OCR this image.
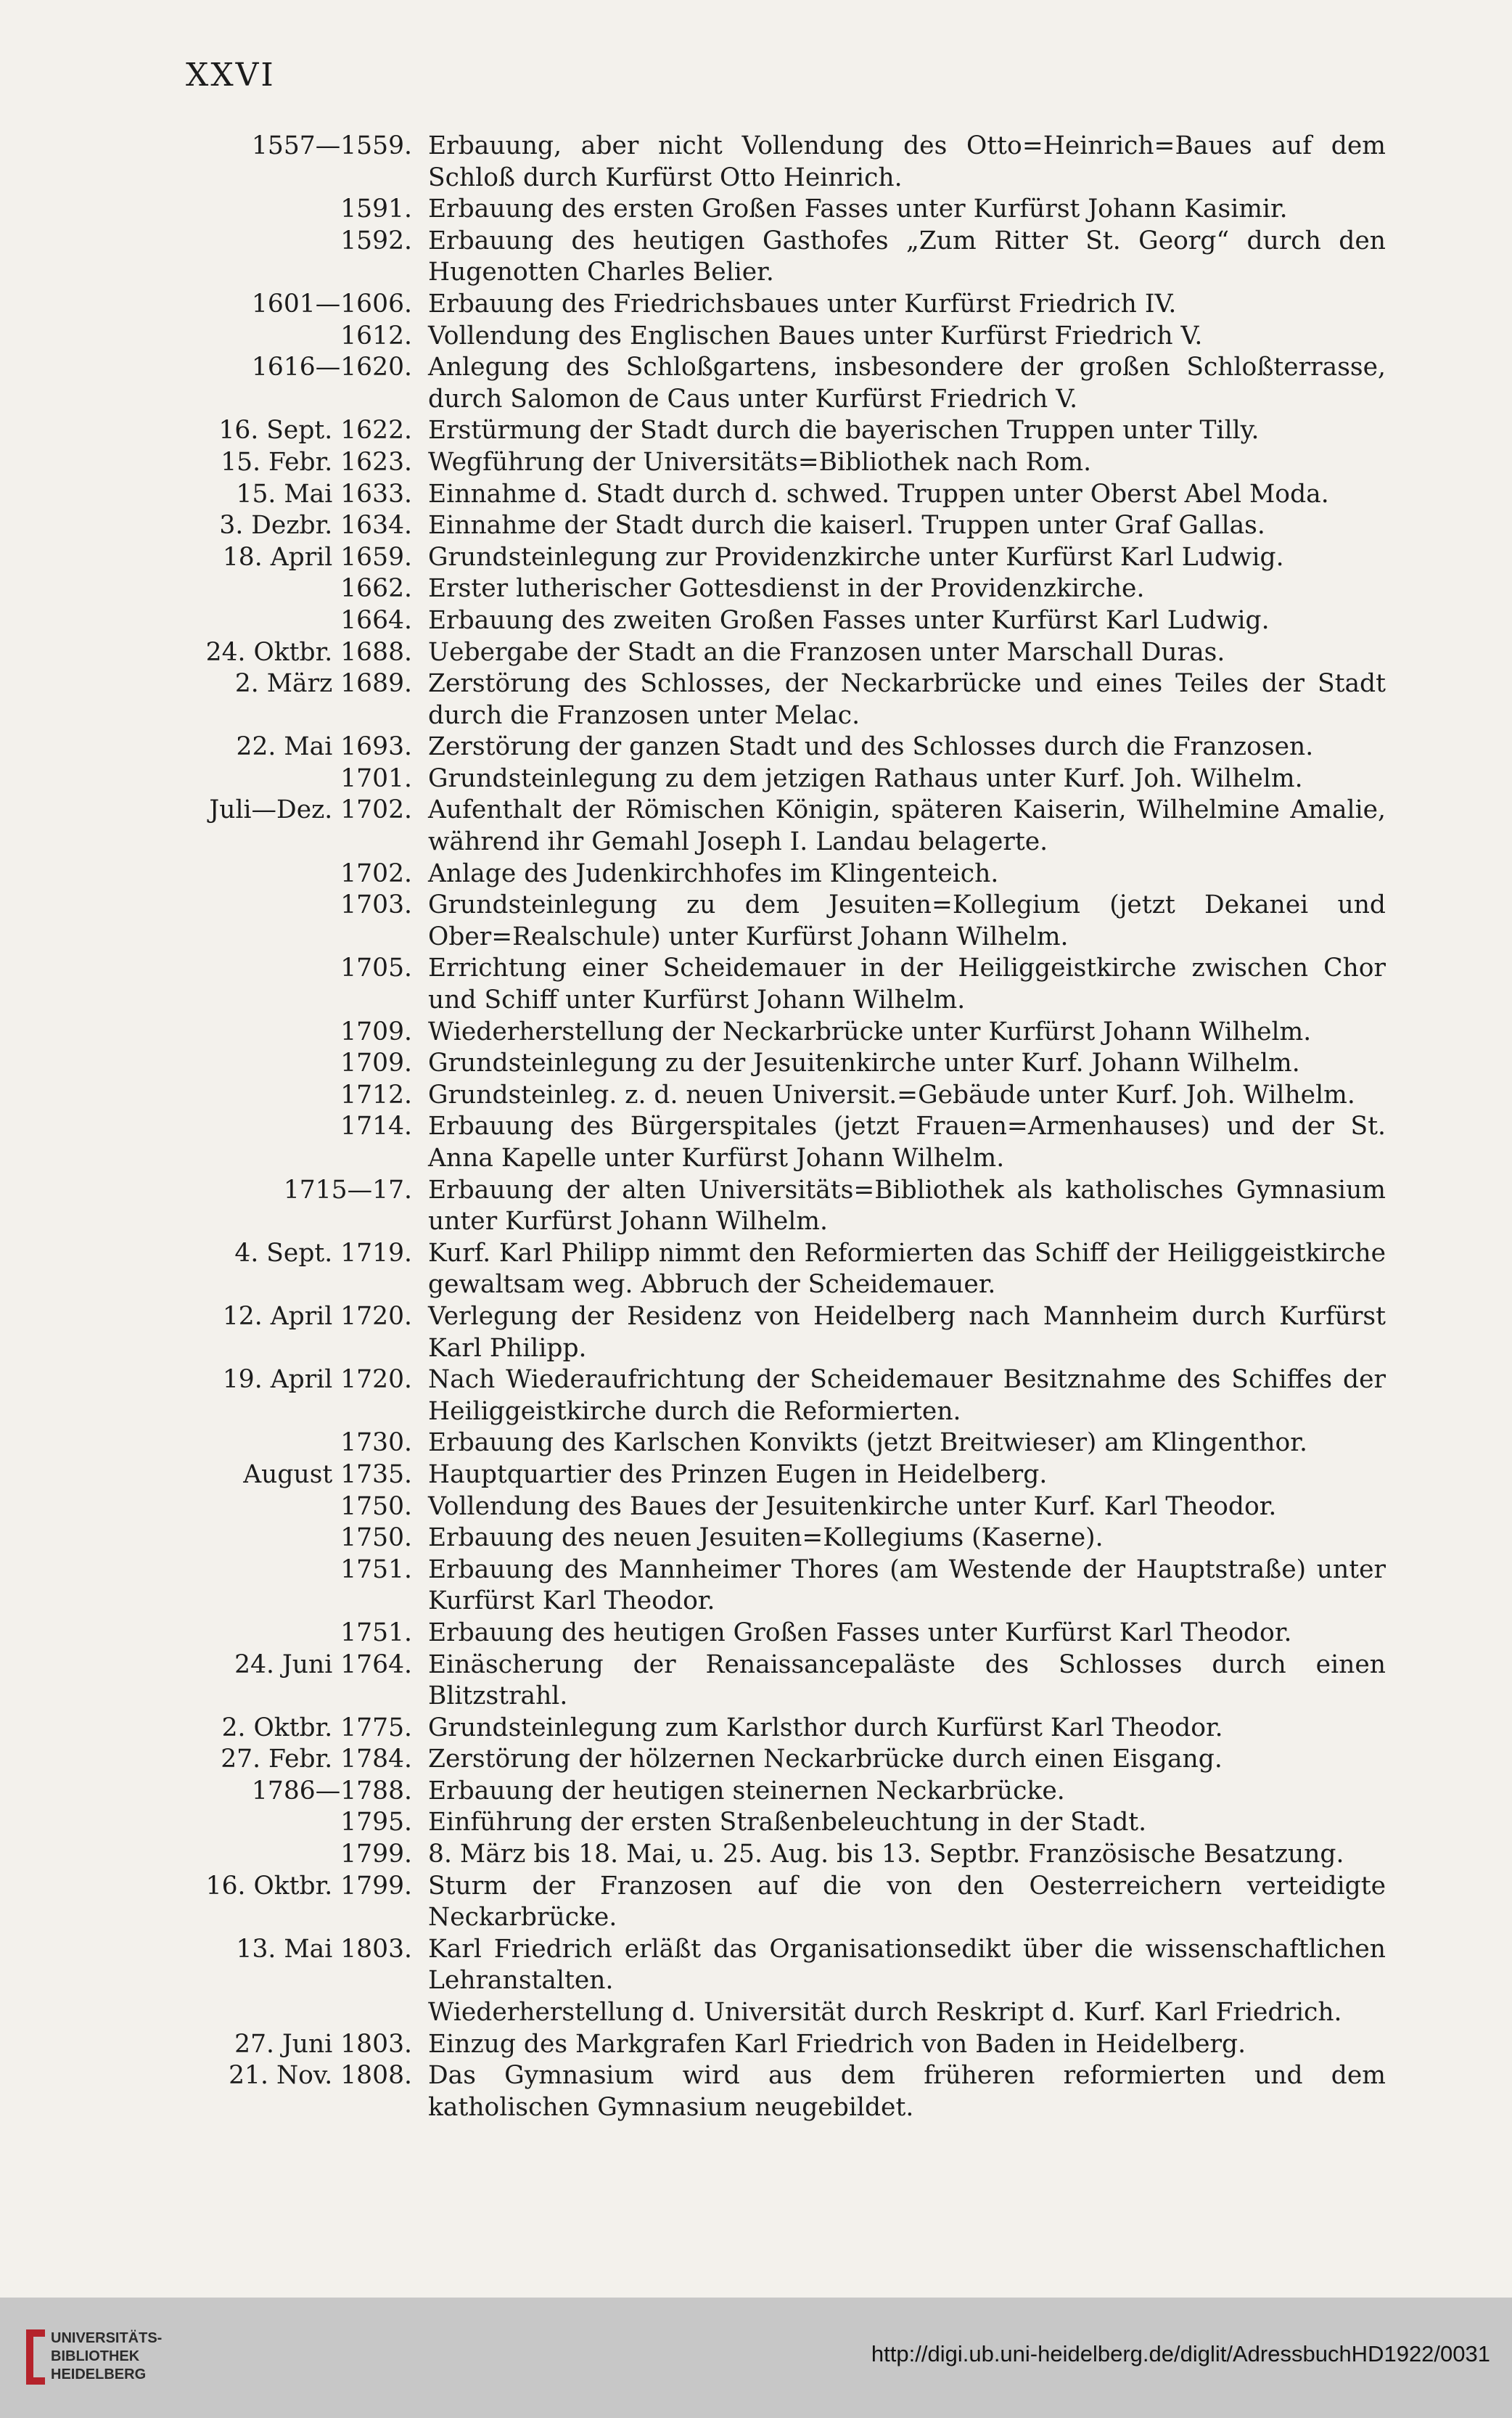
XXVI
1557—1559. Erbauung, aber nicht Vollendung des Otto=Heinrich=Baues auf dem Schloß durch Kurfürst Otto Heinrich.
1591. Erbauung des ersten Großen Fasses unter Kurfürst Johann Kasimir.
1592. Erbauung des heutigen Gasthofes „Zum Ritter St. Georg“ durch den Hugenotten Charles Belier.
1601—1606. Erbauung des Friedrichsbaues unter Kurfürst Friedrich IV.
1612. Vollendung des Englischen Baues unter Kurfürst Friedrich V.
1616—1620. Anlegung des Schloßgartens, insbesondere der großen Schloßterrasse, durch Salomon de Caus unter Kurfürst Friedrich V.
16. Sept. 1622. Erstürmung der Stadt durch die bayerischen Truppen unter Tilly.
15. Febr. 1623. Wegführung der Universitäts=Bibliothek nach Rom.
15. Mai 1633. Einnahme d. Stadt durch d. schwed. Truppen unter Oberst Abel Moda.
3. Dezbr. 1634. Einnahme der Stadt durch die kaiserl. Truppen unter Graf Gallas.
18. April 1659. Grundsteinlegung zur Providenzkirche unter Kurfürst Karl Ludwig.
1662. Erster lutherischer Gottesdienst in der Providenzkirche.
1664. Erbauung des zweiten Großen Fasses unter Kurfürst Karl Ludwig.
24. Oktbr. 1688. Uebergabe der Stadt an die Franzosen unter Marschall Duras.
2. März 1689. Zerstörung des Schlosses, der Neckarbrücke und eines Teiles der Stadt durch die Franzosen unter Melac.
22. Mai 1693. Zerstörung der ganzen Stadt und des Schlosses durch die Franzosen.
1701. Grundsteinlegung zu dem jetzigen Rathaus unter Kurf. Joh. Wilhelm.
Juli—Dez. 1702. Aufenthalt der Römischen Königin, späteren Kaiserin, Wilhelmine Amalie, während ihr Gemahl Joseph I. Landau belagerte.
1702. Anlage des Judenkirchhofes im Klingenteich.
1703. Grundsteinlegung zu dem Jesuiten=Kollegium (jetzt Dekanei und Ober=Realschule) unter Kurfürst Johann Wilhelm.
1705. Errichtung einer Scheidemauer in der Heiliggeistkirche zwischen Chor und Schiff unter Kurfürst Johann Wilhelm.
1709. Wiederherstellung der Neckarbrücke unter Kurfürst Johann Wilhelm.
1709. Grundsteinlegung zu der Jesuitenkirche unter Kurf. Johann Wilhelm.
1712. Grundsteinleg. z. d. neuen Universit.=Gebäude unter Kurf. Joh. Wilhelm.
1714. Erbauung des Bürgerspitales (jetzt Frauen=Armenhauses) und der St. Anna Kapelle unter Kurfürst Johann Wilhelm.
1715—17. Erbauung der alten Universitäts=Bibliothek als katholisches Gymnasium unter Kurfürst Johann Wilhelm.
4. Sept. 1719. Kurf. Karl Philipp nimmt den Reformierten das Schiff der Heiliggeistkirche gewaltsam weg. Abbruch der Scheidemauer.
12. April 1720. Verlegung der Residenz von Heidelberg nach Mannheim durch Kurfürst Karl Philipp.
19. April 1720. Nach Wiederaufrichtung der Scheidemauer Besitznahme des Schiffes der Heiliggeistkirche durch die Reformierten.
1730. Erbauung des Karlschen Konvikts (jetzt Breitwieser) am Klingenthor.
August 1735. Hauptquartier des Prinzen Eugen in Heidelberg.
1750. Vollendung des Baues der Jesuitenkirche unter Kurf. Karl Theodor.
1750. Erbauung des neuen Jesuiten=Kollegiums (Kaserne).
1751. Erbauung des Mannheimer Thores (am Westende der Hauptstraße) unter Kurfürst Karl Theodor.
1751. Erbauung des heutigen Großen Fasses unter Kurfürst Karl Theodor.
24. Juni 1764. Einäscherung der Renaissancepaläste des Schlosses durch einen Blitzstrahl.
2. Oktbr. 1775. Grundsteinlegung zum Karlsthor durch Kurfürst Karl Theodor.
27. Febr. 1784. Zerstörung der hölzernen Neckarbrücke durch einen Eisgang.
1786—1788. Erbauung der heutigen steinernen Neckarbrücke.
1795. Einführung der ersten Straßenbeleuchtung in der Stadt.
1799. 8. März bis 18. Mai, u. 25. Aug. bis 13. Septbr. Französische Besatzung.
16. Oktbr. 1799. Sturm der Franzosen auf die von den Oesterreichern verteidigte Neckarbrücke.
13. Mai 1803. Karl Friedrich erläßt das Organisationsedikt über die wissenschaftlichen Lehranstalten.
Wiederherstellung d. Universität durch Reskript d. Kurf. Karl Friedrich.
27. Juni 1803. Einzug des Markgrafen Karl Friedrich von Baden in Heidelberg.
21. Nov. 1808. Das Gymnasium wird aus dem früheren reformierten und dem katholischen Gymnasium neugebildet.
UNIVERSITÄTS-
BIBLIOTHEK
HEIDELBERG
http://digi.ub.uni-heidelberg.de/diglit/AdressbuchHD1922/0031
